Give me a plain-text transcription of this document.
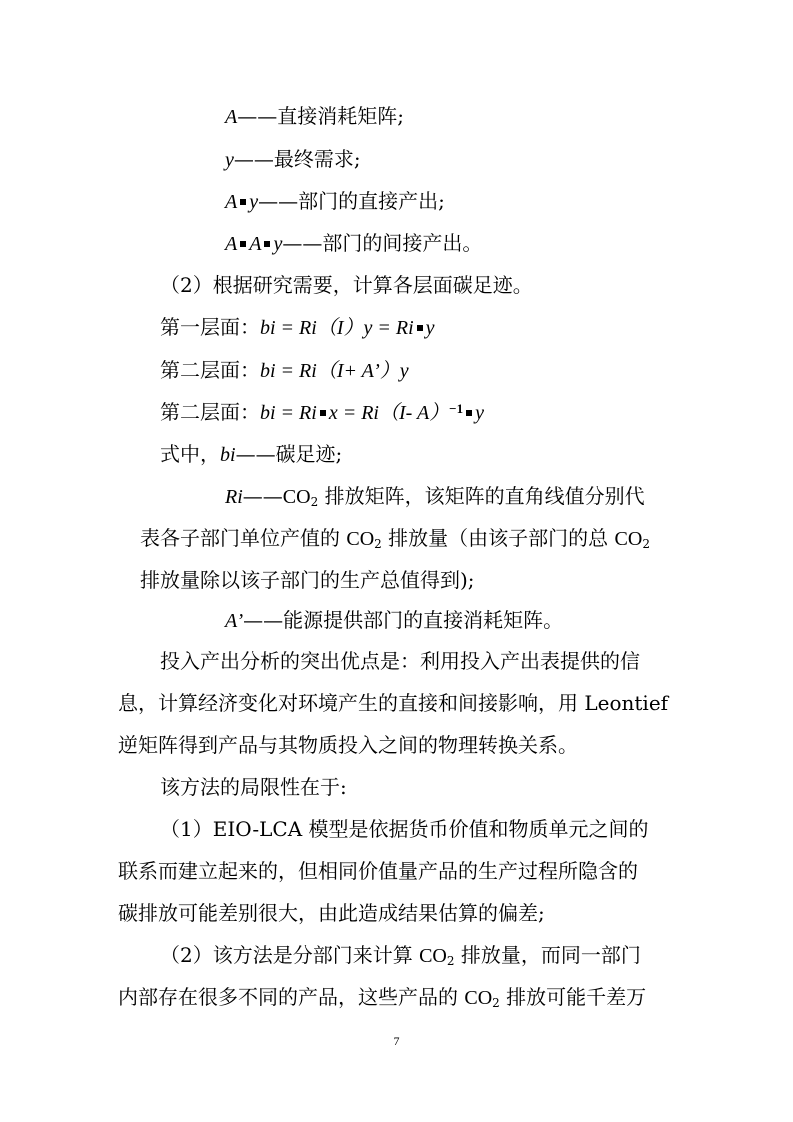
A——直接消耗矩阵;
y——最终需求;
A y——部门的直接产出;
A A y——部门的间接产出。
（2）根据研究需要，计算各层面碳足迹。
第一层面：bi = Ri（I）y = Ri y
第二层面：bi = Ri（I+ A’）y
第二层面：bi = Ri x = Ri（I- A）$^{-1}$ y
式中，bi——碳足迹;
$Ri——CO_2$ 排放矩阵，该矩阵的直角线值分别代
表各子部门单位产值的 $CO_2$ 排放量（由该子部门的总 $CO_2$
排放量除以该子部门的生产总值得到);
A’——能源提供部门的直接消耗矩阵。
投入产出分析的突出优点是：利用投入产出表提供的信
息，计算经济变化对环境产生的直接和间接影响，用 Leontief
逆矩阵得到产品与其物质投入之间的物理转换关系。
该方法的局限性在于:
（1）EIO-LCA 模型是依据货币价值和物质单元之间的
联系而建立起来的，但相同价值量产品的生产过程所隐含的
碳排放可能差别很大，由此造成结果估算的偏差;
（2）该方法是分部门来计算 $CO_2$ 排放量，而同一部门
内部存在很多不同的产品，这些产品的 $CO_2$ 排放可能千差万
7
